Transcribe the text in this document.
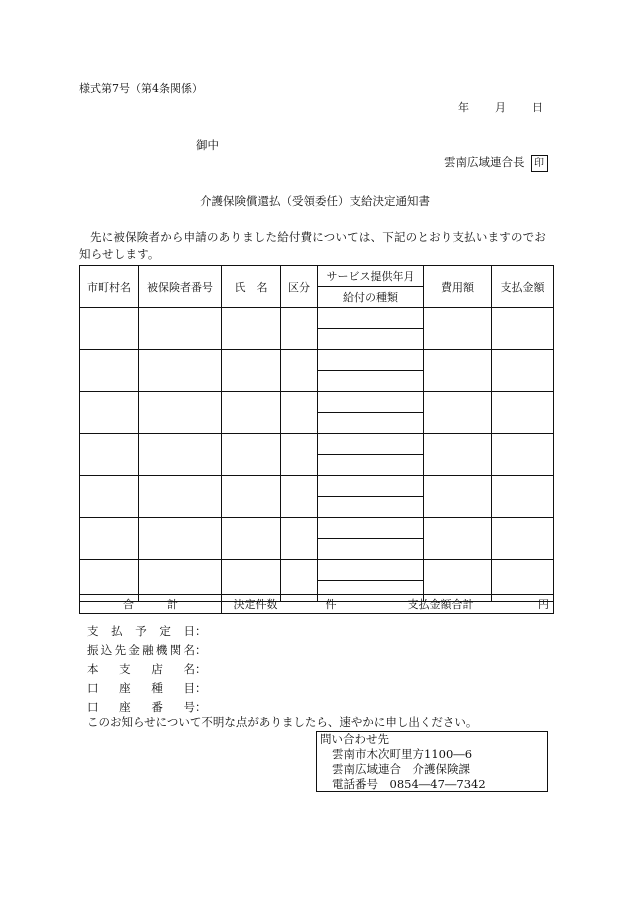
様式第7号（第4条関係）
年 月 日
御中
雲南広域連合長 印
介護保険償還払（受領委任）支給決定通知書
先に被保険者から申請のありました給付費については、下記のとおり支払いますのでお知らせします。
市町村名	被保険者番号	氏　名	区分	サービス提供年月	費用額	支払金額
				給付の種類		

合　　　計	決定件数		件	支払金額合計	円
支払予定日：
振込先金融機関名：
本支店名：
口座種目：
口座番号：
このお知らせについて不明な点がありましたら、速やかに申し出ください。
問い合わせ先
雲南市木次町里方1100―6
雲南広域連合　介護保険課
電話番号　0854―47―7342
